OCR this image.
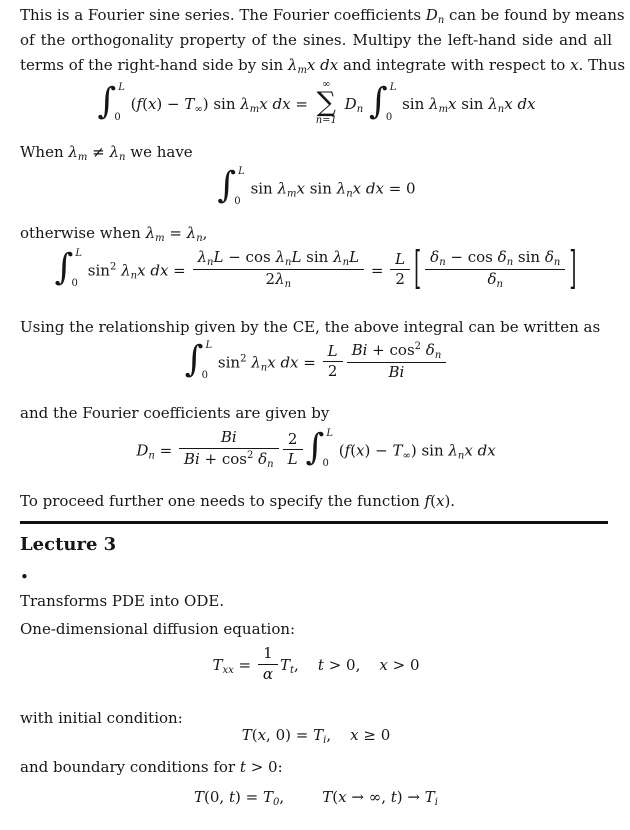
This is a Fourier sine series. The Fourier coefficients $D_n$ can be found by means
of the orthogonality property of the sines. Multipy the left-hand side and all
terms of the right-hand side by $\sin \lambda_mx$ dx and integrate with respect to x. Thus
∫ L
0
$(f(x) - T_\infty)$ $\sin \lambda_mx$ dx =
∞
∑
n=1
$D_n$ ∫ L
0
$\sin \lambda_mx$ $\sin \lambda_nx$ dx
When $\lambda_m \ne \lambda_n$ we have
∫ L
0
$\sin \lambda_mx$ $\sin \lambda_nx$ dx = 0
otherwise when $\lambda_m = \lambda_n$,
∫ L
0
$\sin^2 \lambda_nx$ dx = $\frac{\lambda_nL - \cos \lambda_nL \sin \lambda_nL}{2\lambda_n} = \frac{L}{2}$ [ $\frac{\delta_n - \cos \delta_n \sin \delta_n}{\delta_n}$ ]
Using the relationship given by the CE, the above integral can be written as
∫ L
0
$\sin^2 \lambda_nx$ dx = $\frac{L}{2} \frac{Bi + \cos^2 \delta_n}{Bi}$
and the Fourier coefficients are given by
$D_n = \frac{Bi}{Bi + \cos^2 \delta_n} \frac{2}{L}$ ∫ L
0
$(f(x) - T_\infty)$ $\sin \lambda_nx$ dx
To proceed further one needs to specify the function f(x).
Lecture 3
•
Transforms PDE into ODE.
One-dimensional diffusion equation:
$T_{xx} = \frac{1}{\alpha} T_t$,    t > 0,    x > 0
with initial condition:
T(x, $0) = T_i$,    x ≥ 0
and boundary conditions for t > 0:
T(0, $t) = T_0$,        T(x → ∞, $t) \to T_i$
